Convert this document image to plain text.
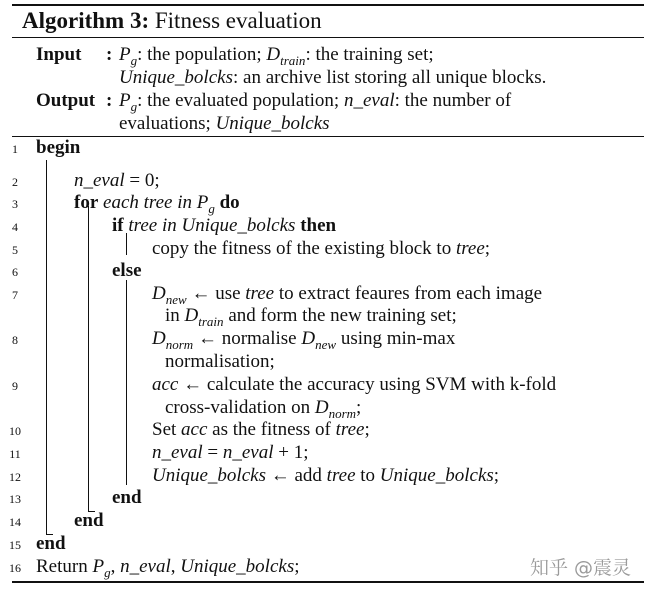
Algorithm 3: Fitness evaluation
Input : $P_g$: the population; $D_{train}$: the training set;
Unique_bolcks: an archive list storing all unique blocks.
Output : $P_g$: the evaluated population; n_eval: the number of
evaluations; Unique_bolcks
1 begin
2	n_eval = 0;
3	for each tree in $P_g$ do
4	if tree in Unique_bolcks then
5	copy the fitness of the existing block to tree;
6	else
7	$D_{new}$ ← use tree to extract feaures from each image
in $D_{train}$ and form the new training set;
8	$D_{norm}$ ← normalise $D_{new}$ using min-max
normalisation;
9	acc ← calculate the accuracy using SVM with k-fold
cross-validation on $D_{norm}$;
10	Set acc as the fitness of tree;
11	n_eval = n_eval + 1;
12	Unique_bolcks ← add tree to Unique_bolcks;
13	end
14	end
15 end
16 Return $P_g$, n_eval, Unique_bolcks;	知乎 @震灵
